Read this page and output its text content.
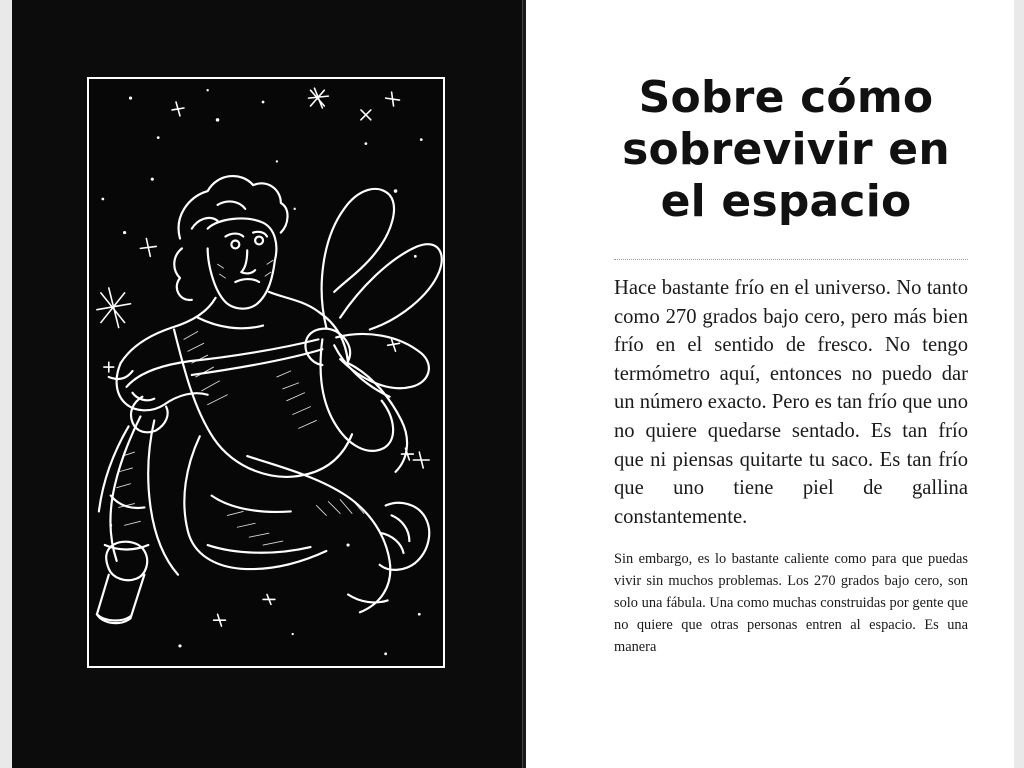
Sobre cómo
sobrevivir en
el espacio

Hace bastante frío en el universo. No tanto como 270 grados bajo cero, pero más bien frío en el sentido de fresco. No tengo termómetro aquí, entonces no puedo dar un número exacto. Pero es tan frío que uno no quiere quedarse sentado. Es tan frío que ni piensas quitarte tu saco. Es tan frío que uno tiene piel de gallina constantemente.

Sin embargo, es lo bastante caliente como para que puedas vivir sin muchos problemas. Los 270 grados bajo cero, son solo una fábula. Una como muchas construidas por gente que no quiere que otras personas entren al espacio. Es una manera
